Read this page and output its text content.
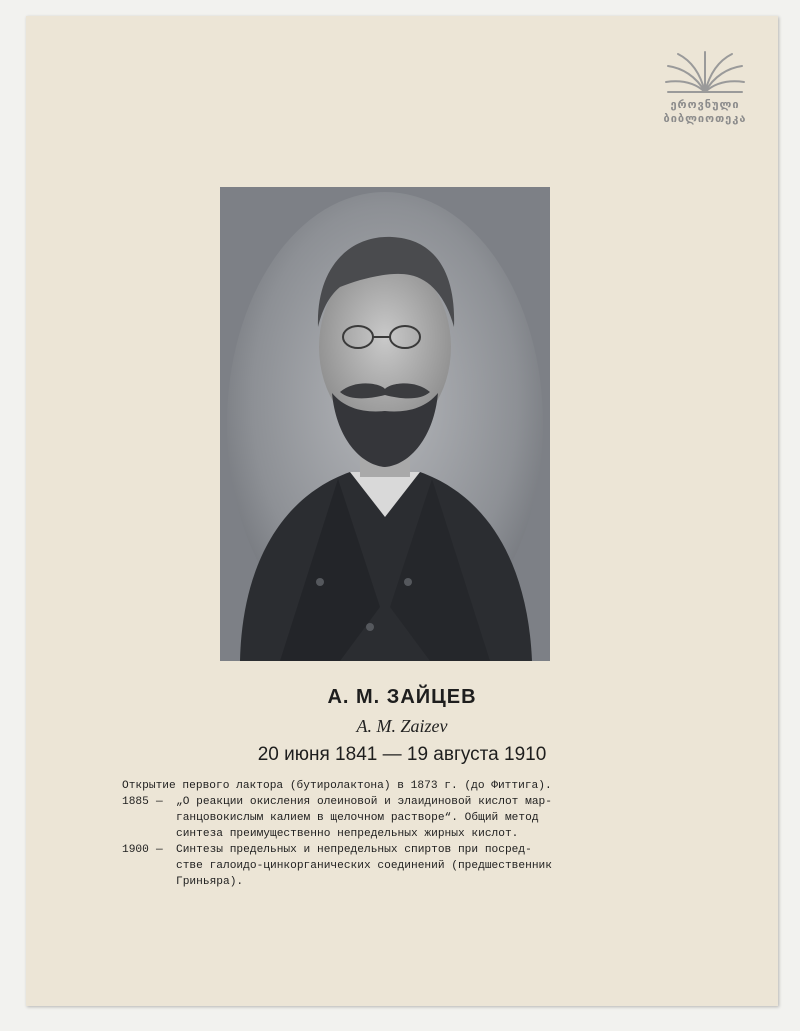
ეროვნული
ბიბლიოთეკა
А. М. ЗАЙЦЕВ
A. M. Zaizev
20 июня 1841 — 19 августа 1910
Открытие первого лактора (бутиролактона) в 1873 г. (до Фиттига).
1885 —	„О реакции окисления олеиновой и элаидиновой кислот мар-
ганцовокислым калием в щелочном растворе“. Общий метод
синтеза преимущественно непредельных жирных кислот.
1900 —	Синтезы предельных и непредельных спиртов при посред-
стве галоидо-цинкорганических соединений (предшественник
Гриньяра).
